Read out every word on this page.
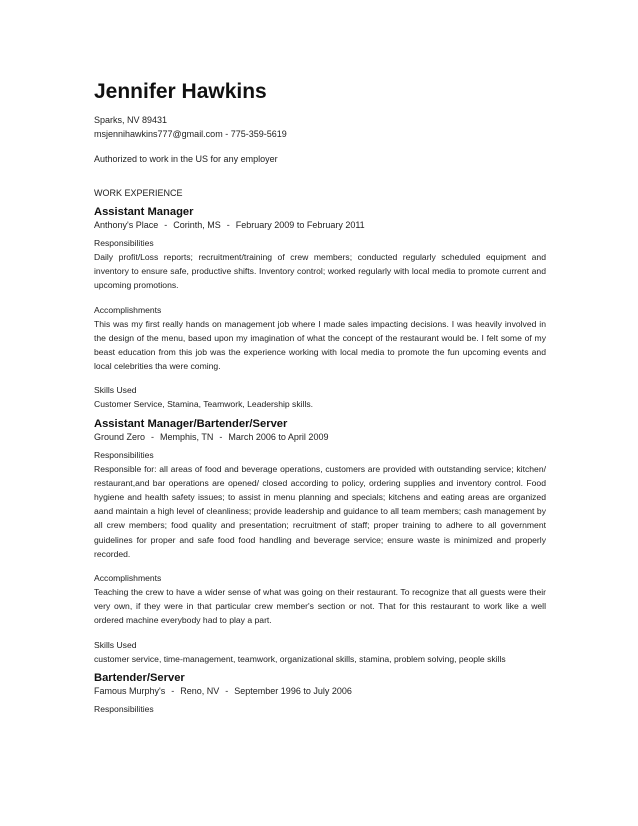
Jennifer Hawkins
Sparks, NV 89431
msjennihawkins777@gmail.com - 775-359-5619
Authorized to work in the US for any employer
WORK EXPERIENCE
Assistant Manager
Anthony's Place - Corinth, MS - February 2009 to February 2011
Responsibilities
Daily profit/Loss reports; recruitment/training of crew members; conducted regularly scheduled equipment and inventory to ensure safe, productive shifts. Inventory control; worked regularly with local media to promote current and upcoming promotions.
Accomplishments
This was my first really hands on management job where I made sales impacting decisions. I was heavily involved in the design of the menu, based upon my imagination of what the concept of the restaurant would be. I felt some of my beast education from this job was the experience working with local media to promote the fun upcoming events and local celebrities tha were coming.
Skills Used
Customer Service, Stamina, Teamwork, Leadership skills.
Assistant Manager/Bartender/Server
Ground Zero - Memphis, TN - March 2006 to April 2009
Responsibilities
Responsible for: all areas of food and beverage operations, customers are provided with outstanding service; kitchen/ restaurant,and bar operations are opened/ closed according to policy, ordering supplies and inventory control. Food hygiene and health safety issues; to assist in menu planning and specials; kitchens and eating areas are organized aand maintain a high level of cleanliness; provide leadership and guidance to all team members; cash management by all crew members; food quality and presentation; recruitment of staff; proper training to adhere to all government guidelines for proper and safe food food handling and beverage service; ensure waste is minimized and properly recorded.
Accomplishments
Teaching the crew to have a wider sense of what was going on their restaurant. To recognize that all guests were their very own, if they were in that particular crew member's section or not. That for this restaurant to work like a well ordered machine everybody had to play a part.
Skills Used
customer service, time-management, teamwork, organizational skills, stamina, problem solving, people skills
Bartender/Server
Famous Murphy's - Reno, NV - September 1996 to July 2006
Responsibilities
